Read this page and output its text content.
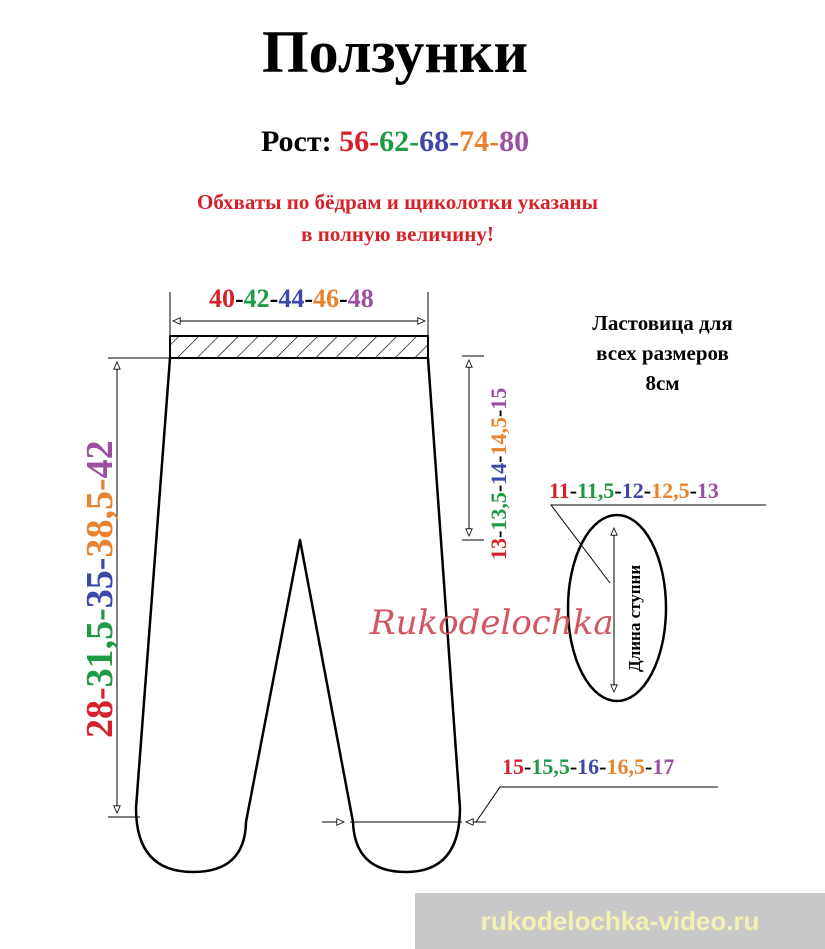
Ползунки
Рост: 56-62-68-74-80
Обхваты по бёдрам и щиколотки указаны
в полную величину!
Ластовица для
всех размеров
8см
Длина ступни
40-42-44-46-48
28-31,5-35-38,5-42
13-13,5-14-14,5-15
11-11,5-12-12,5-13
15-15,5-16-16,5-17
Rukodelochka
rukodelochka-video.ru
